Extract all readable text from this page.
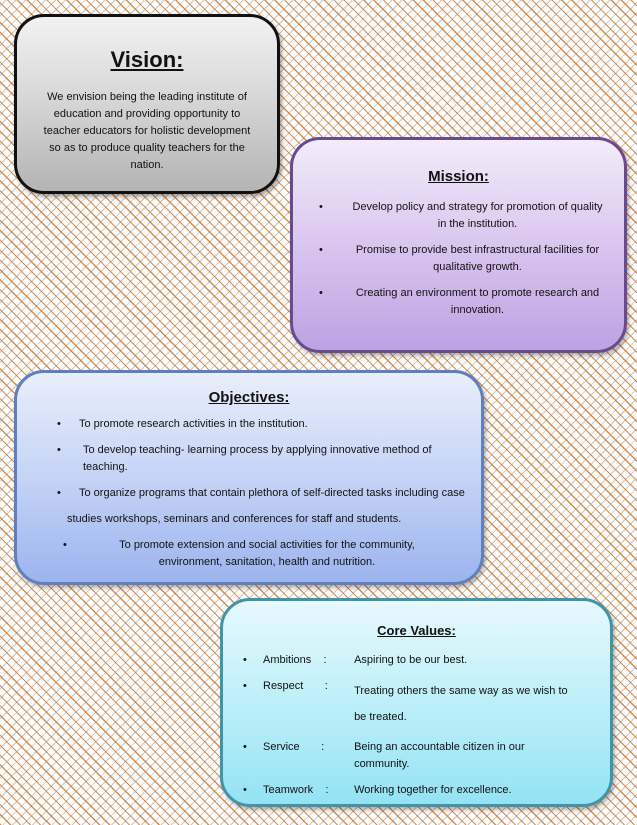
Vision:

We envision being the leading institute of education and providing opportunity to teacher educators for holistic development so as to produce quality teachers for the nation.

Mission:
•	Develop policy and strategy for promotion of quality in the institution.
•	Promise to provide best infrastructural facilities for qualitative growth.
•	Creating an environment to promote research and innovation.
Objectives:
• To promote research activities in the institution.
• To develop teaching- learning process by applying innovative method of teaching.
• To organize programs that contain plethora of self-directed tasks including case
studies workshops, seminars and conferences for staff and students.
•	To promote extension and social activities for the community, environment, sanitation, health and nutrition.
Core Values:
• Ambitions : Aspiring to be our best.
• Respect : Treating others the same way as we wish to be treated.
• Service :	Being an accountable citizen in our community.
• Teamwork : Working together for excellence.
